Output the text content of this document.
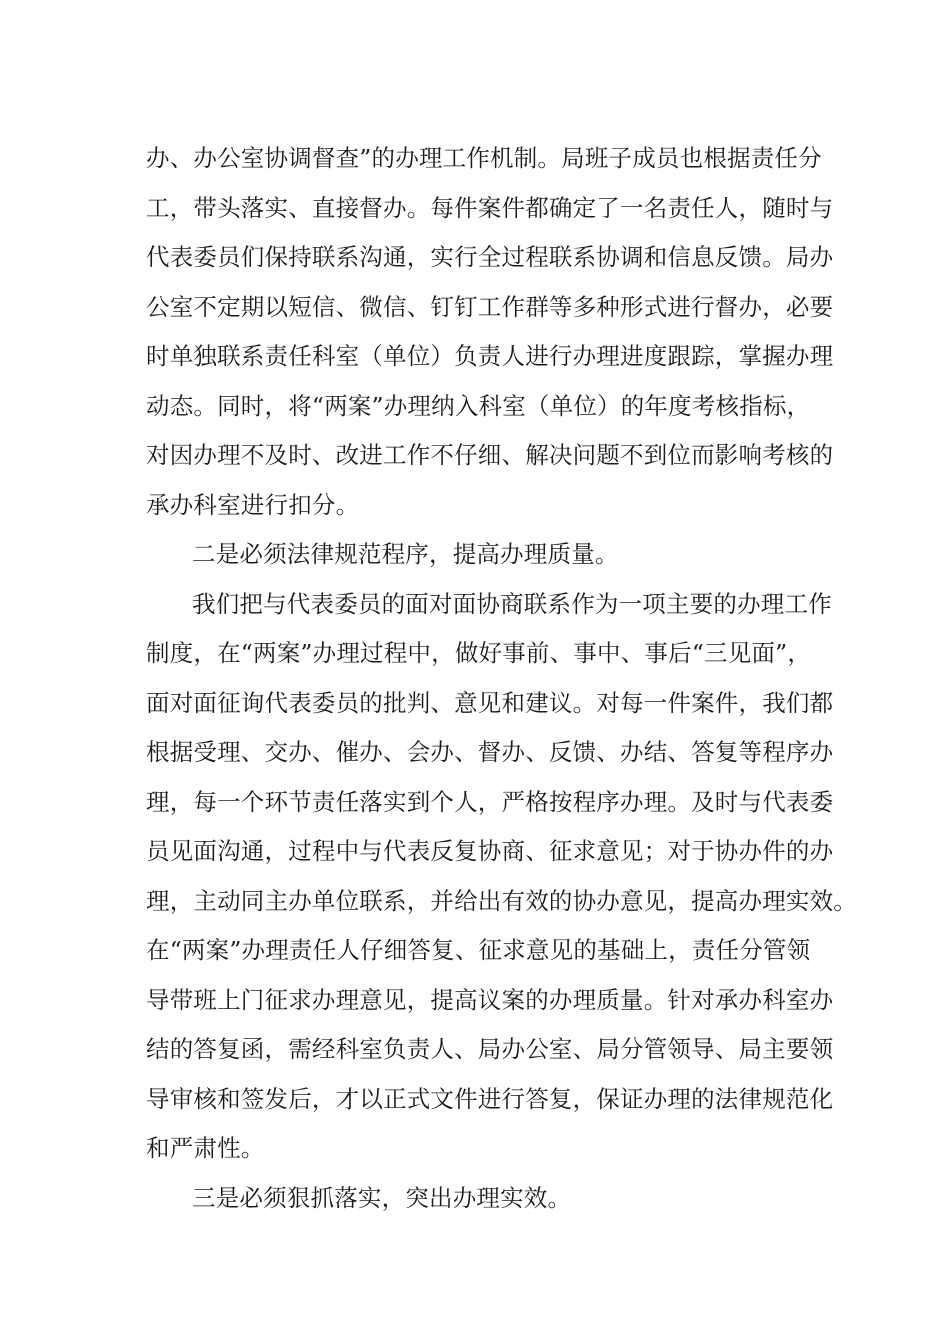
办、办公室协调督查”的办理工作机制。局班子成员也根据责任分
工，带头落实、直接督办。每件案件都确定了一名责任人，随时与
代表委员们保持联系沟通，实行全过程联系协调和信息反馈。局办
公室不定期以短信、微信、钉钉工作群等多种形式进行督办，必要
时单独联系责任科室（单位）负责人进行办理进度跟踪，掌握办理
动态。同时，将“两案”办理纳入科室（单位）的年度考核指标，
对因办理不及时、改进工作不仔细、解决问题不到位而影响考核的
承办科室进行扣分。
二是必须法律规范程序，提高办理质量。
我们把与代表委员的面对面协商联系作为一项主要的办理工作
制度，在“两案”办理过程中，做好事前、事中、事后“三见面”，
面对面征询代表委员的批判、意见和建议。对每一件案件，我们都
根据受理、交办、催办、会办、督办、反馈、办结、答复等程序办
理，每一个环节责任落实到个人，严格按程序办理。及时与代表委
员见面沟通，过程中与代表反复协商、征求意见；对于协办件的办
理，主动同主办单位联系，并给出有效的协办意见，提高办理实效。
在“两案”办理责任人仔细答复、征求意见的基础上，责任分管领
导带班上门征求办理意见，提高议案的办理质量。针对承办科室办
结的答复函，需经科室负责人、局办公室、局分管领导、局主要领
导审核和签发后，才以正式文件进行答复，保证办理的法律规范化
和严肃性。
三是必须狠抓落实，突出办理实效。
